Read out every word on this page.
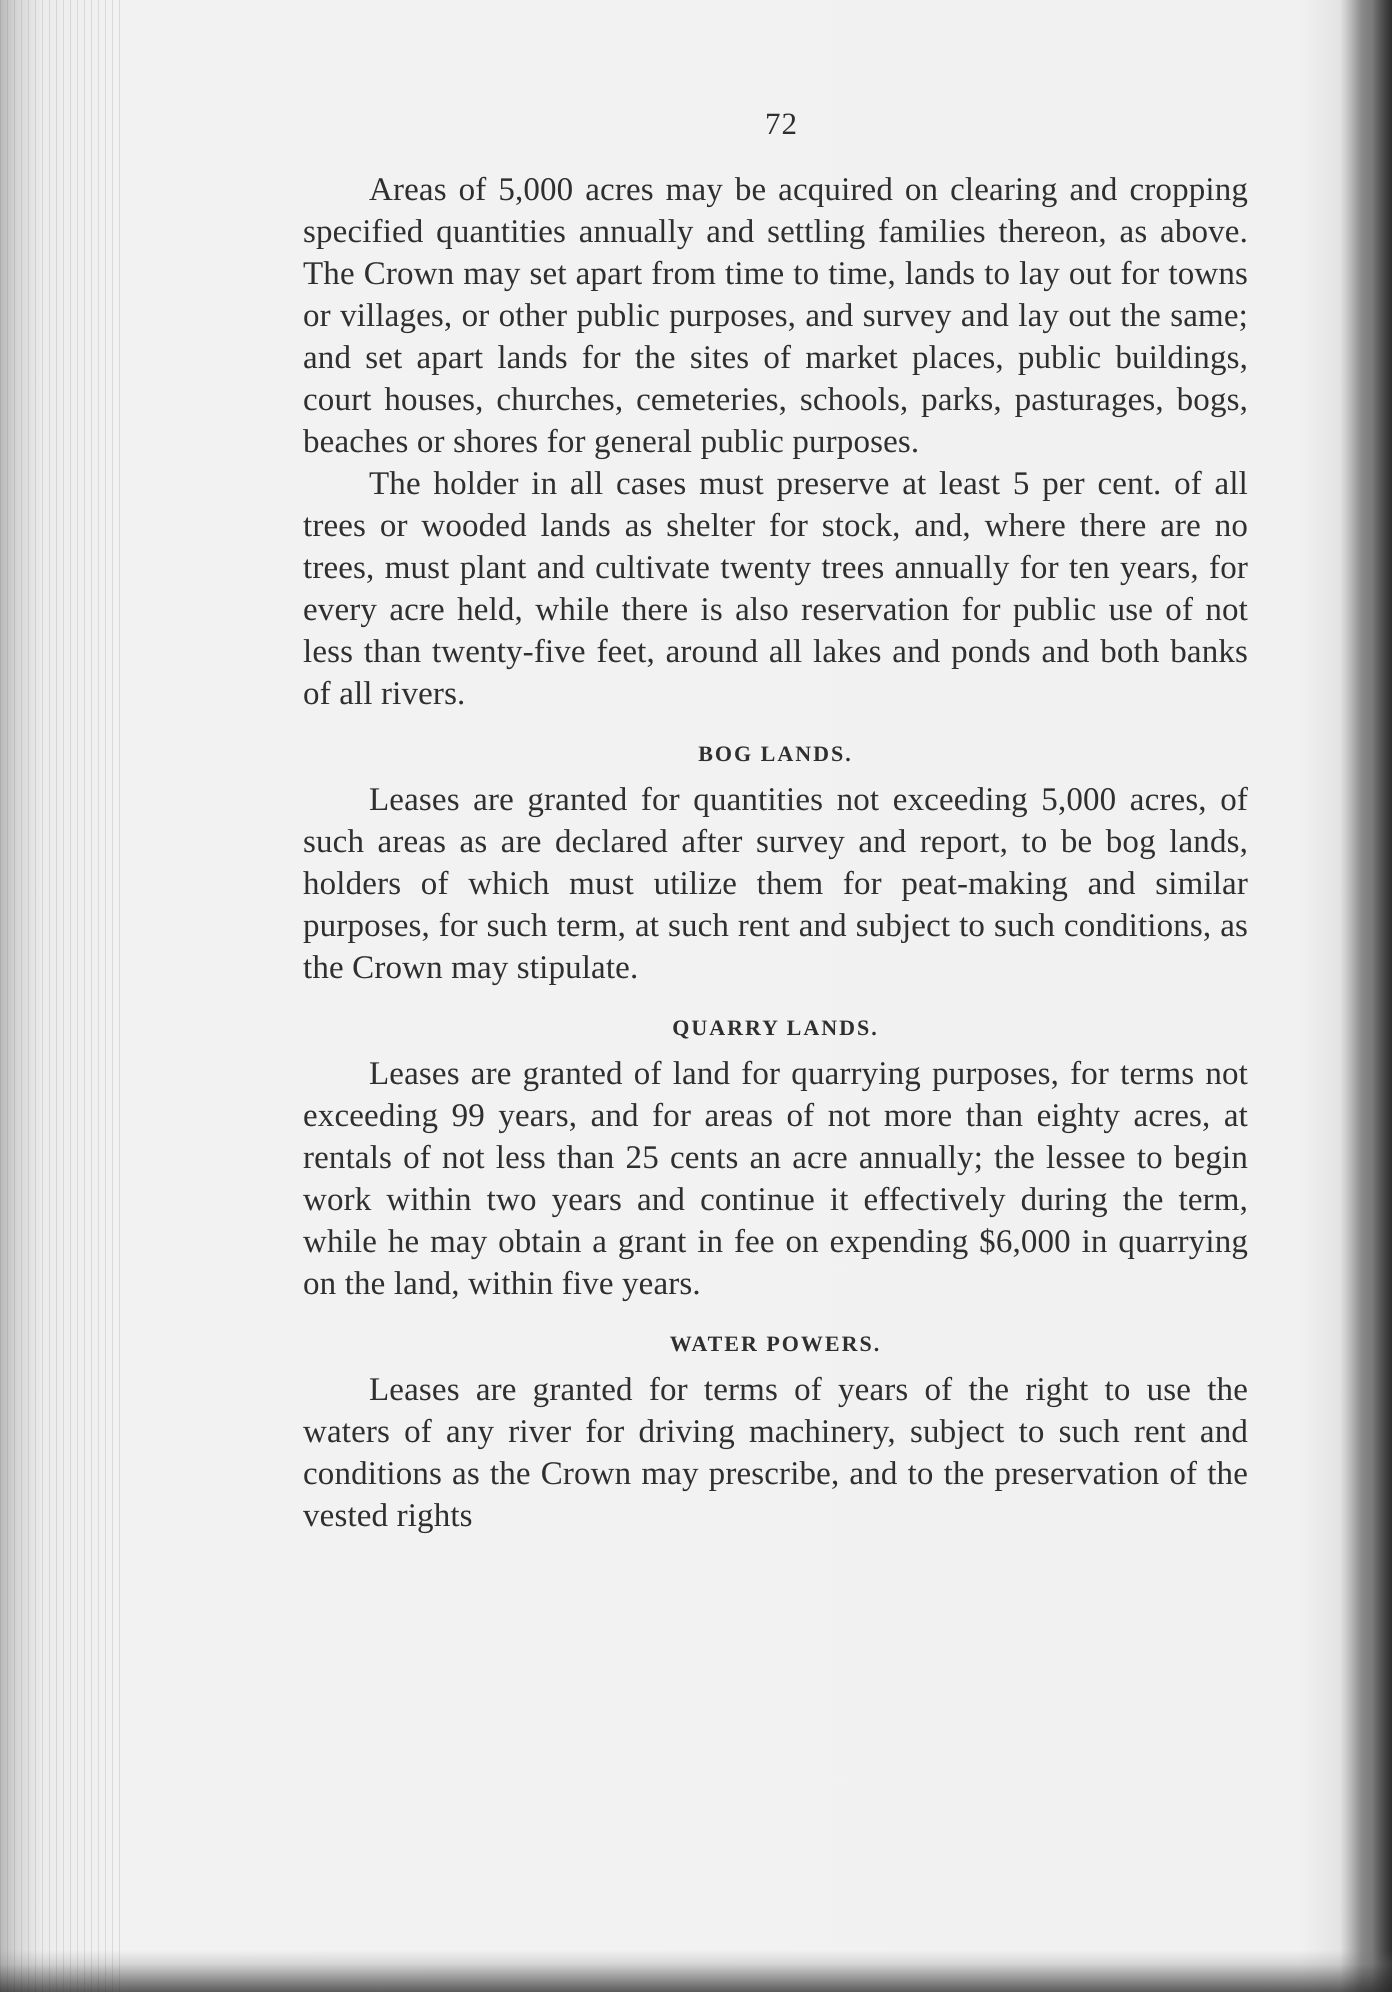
72

Areas of 5,000 acres may be acquired on clearing and cropping specified quantities annually and settling families thereon, as above. The Crown may set apart from time to time, lands to lay out for towns or villages, or other public purposes, and survey and lay out the same; and set apart lands for the sites of market places, public buildings, court houses, churches, cemeteries, schools, parks, pasturages, bogs, beaches or shores for general public purposes.

The holder in all cases must preserve at least 5 per cent. of all trees or wooded lands as shelter for stock, and, where there are no trees, must plant and cultivate twenty trees annually for ten years, for every acre held, while there is also reservation for public use of not less than twenty-five feet, around all lakes and ponds and both banks of all rivers.

BOG LANDS.

Leases are granted for quantities not exceeding 5,000 acres, of such areas as are declared after survey and report, to be bog lands, holders of which must utilize them for peat-making and similar purposes, for such term, at such rent and subject to such conditions, as the Crown may stipulate.

QUARRY LANDS.

Leases are granted of land for quarrying purposes, for terms not exceeding 99 years, and for areas of not more than eighty acres, at rentals of not less than 25 cents an acre annually; the lessee to begin work within two years and continue it effectively during the term, while he may obtain a grant in fee on expending $6,000 in quarrying on the land, within five years.

WATER POWERS.

Leases are granted for terms of years of the right to use the waters of any river for driving machinery, subject to such rent and conditions as the Crown may prescribe, and to the preservation of the vested rights
